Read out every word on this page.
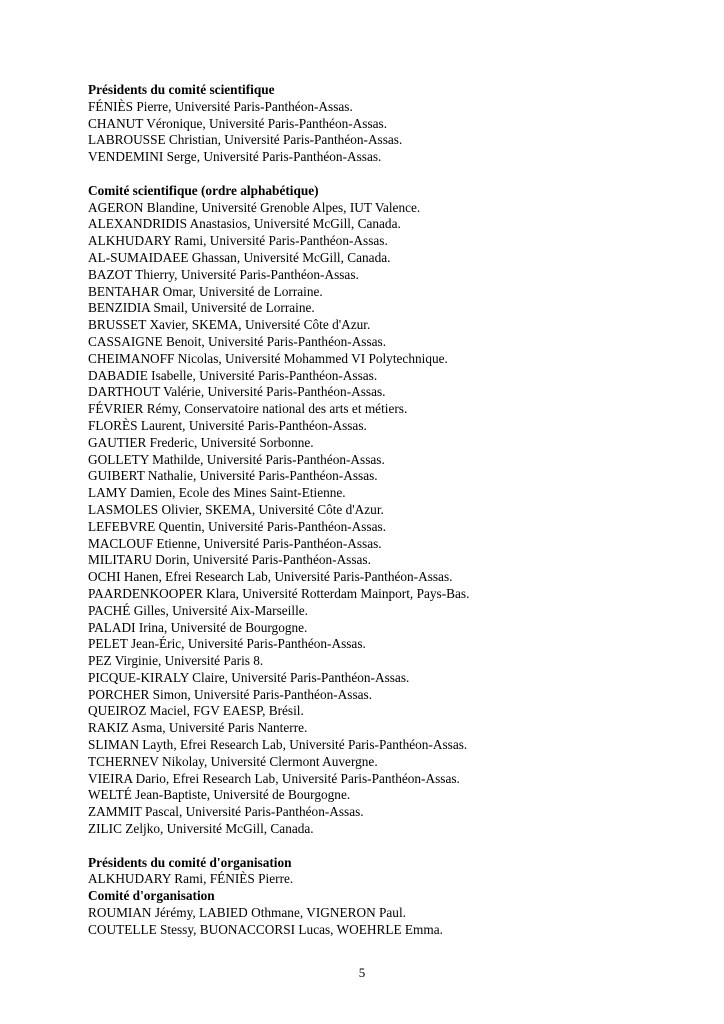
Présidents du comité scientifique
FÉNIÈS Pierre, Université Paris-Panthéon-Assas.
CHANUT Véronique, Université Paris-Panthéon-Assas.
LABROUSSE Christian, Université Paris-Panthéon-Assas.
VENDEMINI Serge, Université Paris-Panthéon-Assas.
Comité scientifique (ordre alphabétique)
AGERON Blandine, Université Grenoble Alpes, IUT Valence.
ALEXANDRIDIS Anastasios, Université McGill, Canada.
ALKHUDARY Rami, Université Paris-Panthéon-Assas.
AL-SUMAIDAEE Ghassan, Université McGill, Canada.
BAZOT Thierry, Université Paris-Panthéon-Assas.
BENTAHAR Omar, Université de Lorraine.
BENZIDIA Smail, Université de Lorraine.
BRUSSET Xavier, SKEMA, Université Côte d'Azur.
CASSAIGNE Benoit, Université Paris-Panthéon-Assas.
CHEIMANOFF Nicolas, Université Mohammed VI Polytechnique.
DABADIE Isabelle, Université Paris-Panthéon-Assas.
DARTHOUT Valérie, Université Paris-Panthéon-Assas.
FÉVRIER Rémy, Conservatoire national des arts et métiers.
FLORÈS Laurent, Université Paris-Panthéon-Assas.
GAUTIER Frederic, Université Sorbonne.
GOLLETY Mathilde, Université Paris-Panthéon-Assas.
GUIBERT Nathalie, Université Paris-Panthéon-Assas.
LAMY Damien, Ecole des Mines Saint-Etienne.
LASMOLES Olivier, SKEMA, Université Côte d'Azur.
LEFEBVRE Quentin, Université Paris-Panthéon-Assas.
MACLOUF Etienne, Université Paris-Panthéon-Assas.
MILITARU Dorin, Université Paris-Panthéon-Assas.
OCHI Hanen, Efrei Research Lab, Université Paris-Panthéon-Assas.
PAARDENKOOPER Klara, Université Rotterdam Mainport, Pays-Bas.
PACHÉ Gilles, Université Aix-Marseille.
PALADI Irina, Université de Bourgogne.
PELET Jean-Éric, Université Paris-Panthéon-Assas.
PEZ Virginie, Université Paris 8.
PICQUE-KIRALY Claire, Université Paris-Panthéon-Assas.
PORCHER Simon, Université Paris-Panthéon-Assas.
QUEIROZ Maciel, FGV EAESP, Brésil.
RAKIZ Asma, Université Paris Nanterre.
SLIMAN Layth, Efrei Research Lab, Université Paris-Panthéon-Assas.
TCHERNEV Nikolay, Université Clermont Auvergne.
VIEIRA Dario, Efrei Research Lab, Université Paris-Panthéon-Assas.
WELTÉ Jean-Baptiste, Université de Bourgogne.
ZAMMIT Pascal, Université Paris-Panthéon-Assas.
ZILIC Zeljko, Université McGill, Canada.
Présidents du comité d'organisation
ALKHUDARY Rami, FÉNIÈS Pierre.
Comité d'organisation
ROUMIAN Jérémy, LABIED Othmane, VIGNERON Paul.
COUTELLE Stessy, BUONACCORSI Lucas, WOEHRLE Emma.
5
